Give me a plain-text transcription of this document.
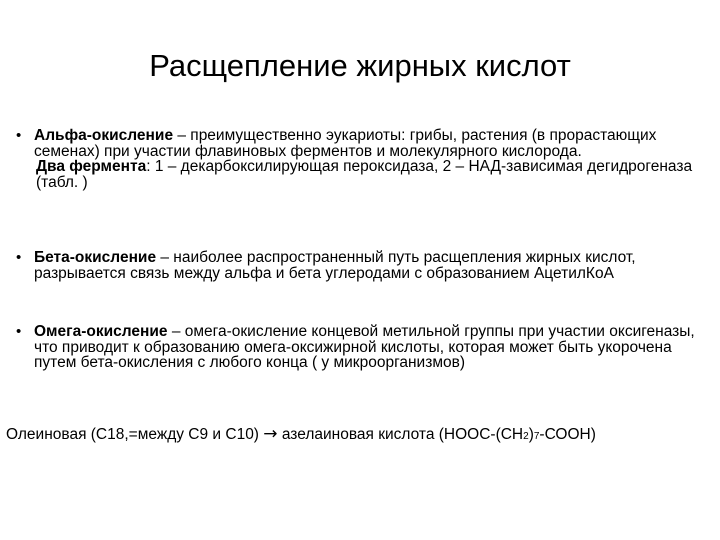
Расщепление жирных кислот
• Альфа-окисление – преимущественно эукариоты: грибы, растения (в прорастающих семенах) при участии флавиновых ферментов и молекулярного кислорода.
Два фермента: 1 – декарбоксилирующая пероксидаза, 2 – НАД-зависимая дегидрогеназа (табл. )
• Бета-окисление – наиболее распространенный путь расщепления жирных кислот, разрывается связь между альфа и бета углеродами с образованием АцетилКоА
• Омега-окисление – омега-окисление концевой метильной группы при участии оксигеназы, что приводит к образованию омега-оксижирной кислоты, которая может быть укорочена путем бета-окисления с любого конца ( у микроорганизмов)
Олеиновая (С18,=между С9 и С10) → азелаиновая кислота (НООС-(СН2)7-СООН)
